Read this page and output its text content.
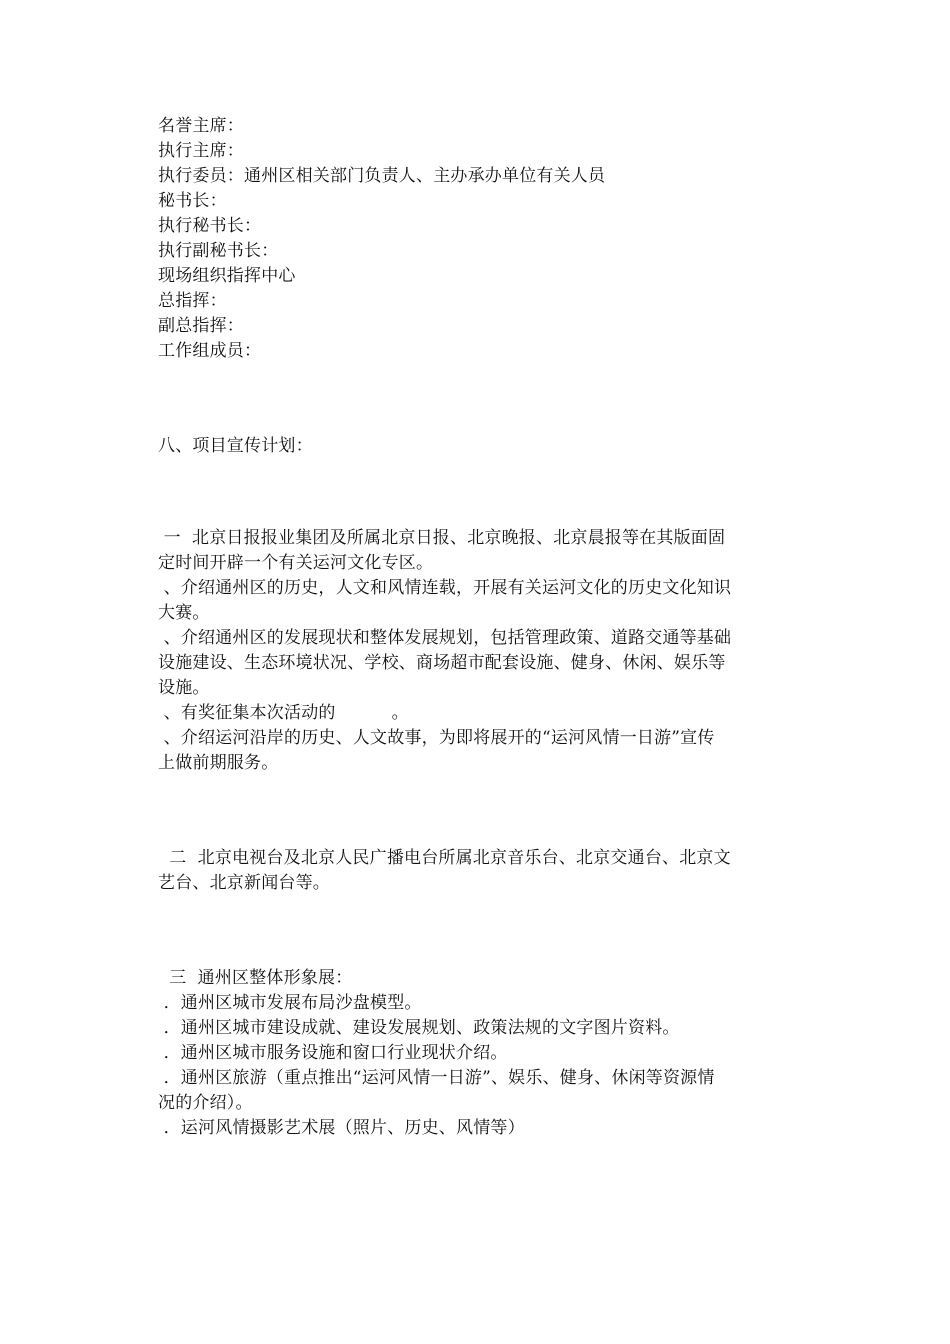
名誉主席：
执行主席：
执行委员：通州区相关部门负责人、主办承办单位有关人员
秘书长：
执行秘书长：
执行副秘书长：
现场组织指挥中心
总指挥：
副总指挥：
工作组成员：
八、项目宣传计划：
一  北京日报报业集团及所属北京日报、北京晚报、北京晨报等在其版面固
定时间开辟一个有关运河文化专区。
、介绍通州区的历史，人文和风情连载，开展有关运河文化的历史文化知识
大赛。
、介绍通州区的发展现状和整体发展规划，包括管理政策、道路交通等基础
设施建设、生态环境状况、学校、商场超市配套设施、健身、休闲、娱乐等
设施。
、有奖征集本次活动的          。
、介绍运河沿岸的历史、人文故事，为即将展开的“运河风情一日游”宣传
上做前期服务。
二  北京电视台及北京人民广播电台所属北京音乐台、北京交通台、北京文
艺台、北京新闻台等。
三  通州区整体形象展：
．通州区城市发展布局沙盘模型。
．通州区城市建设成就、建设发展规划、政策法规的文字图片资料。
．通州区城市服务设施和窗口行业现状介绍。
．通州区旅游（重点推出“运河风情一日游”、娱乐、健身、休闲等资源情
况的介绍）。
．运河风情摄影艺术展（照片、历史、风情等）
